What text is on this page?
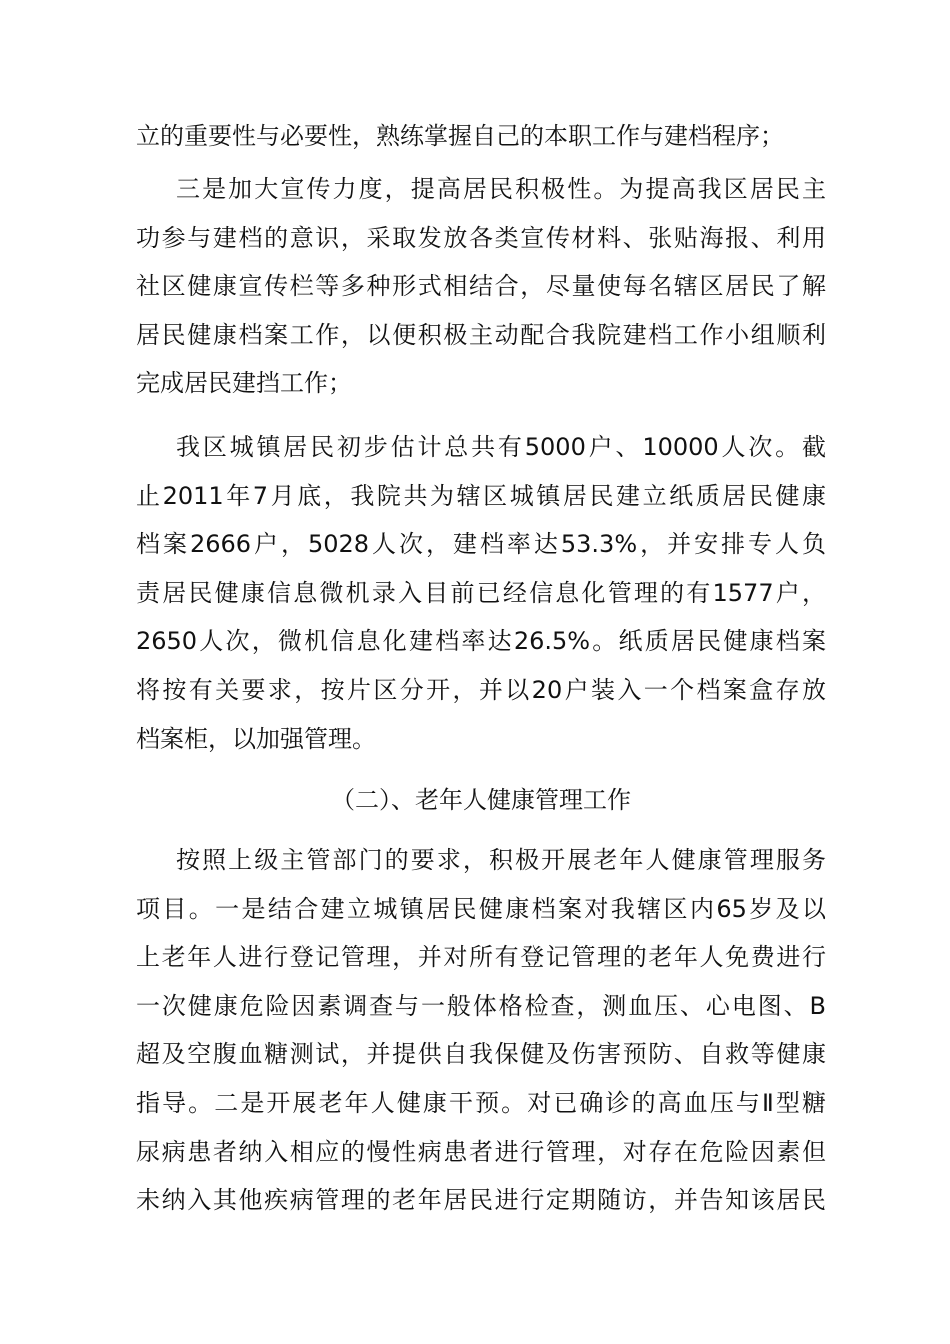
立的重要性与必要性，熟练掌握自己的本职工作与建档程序；
三是加大宣传力度，提高居民积极性。为提高我区居民主
功参与建档的意识，采取发放各类宣传材料、张贴海报、利用
社区健康宣传栏等多种形式相结合，尽量使每名辖区居民了解
居民健康档案工作，以便积极主动配合我院建档工作小组顺利
完成居民建挡工作；
我区城镇居民初步估计总共有5000户、10000人次。截
止2011年7月底，我院共为辖区城镇居民建立纸质居民健康
档案2666户，5028人次，建档率达53.3%，并安排专人负
责居民健康信息微机录入目前已经信息化管理的有1577户，
2650人次，微机信息化建档率达26.5%。纸质居民健康档案
将按有关要求，按片区分开，并以20户装入一个档案盒存放
档案柜，以加强管理。
（二）、老年人健康管理工作
按照上级主管部门的要求，积极开展老年人健康管理服务
项目。一是结合建立城镇居民健康档案对我辖区内65岁及以
上老年人进行登记管理，并对所有登记管理的老年人免费进行
一次健康危险因素调查与一般体格检查，测血压、心电图、B
超及空腹血糖测试，并提供自我保健及伤害预防、自救等健康
指导。二是开展老年人健康干预。对已确诊的高血压与Ⅱ型糖
尿病患者纳入相应的慢性病患者进行管理，对存在危险因素但
未纳入其他疾病管理的老年居民进行定期随访，并告知该居民
